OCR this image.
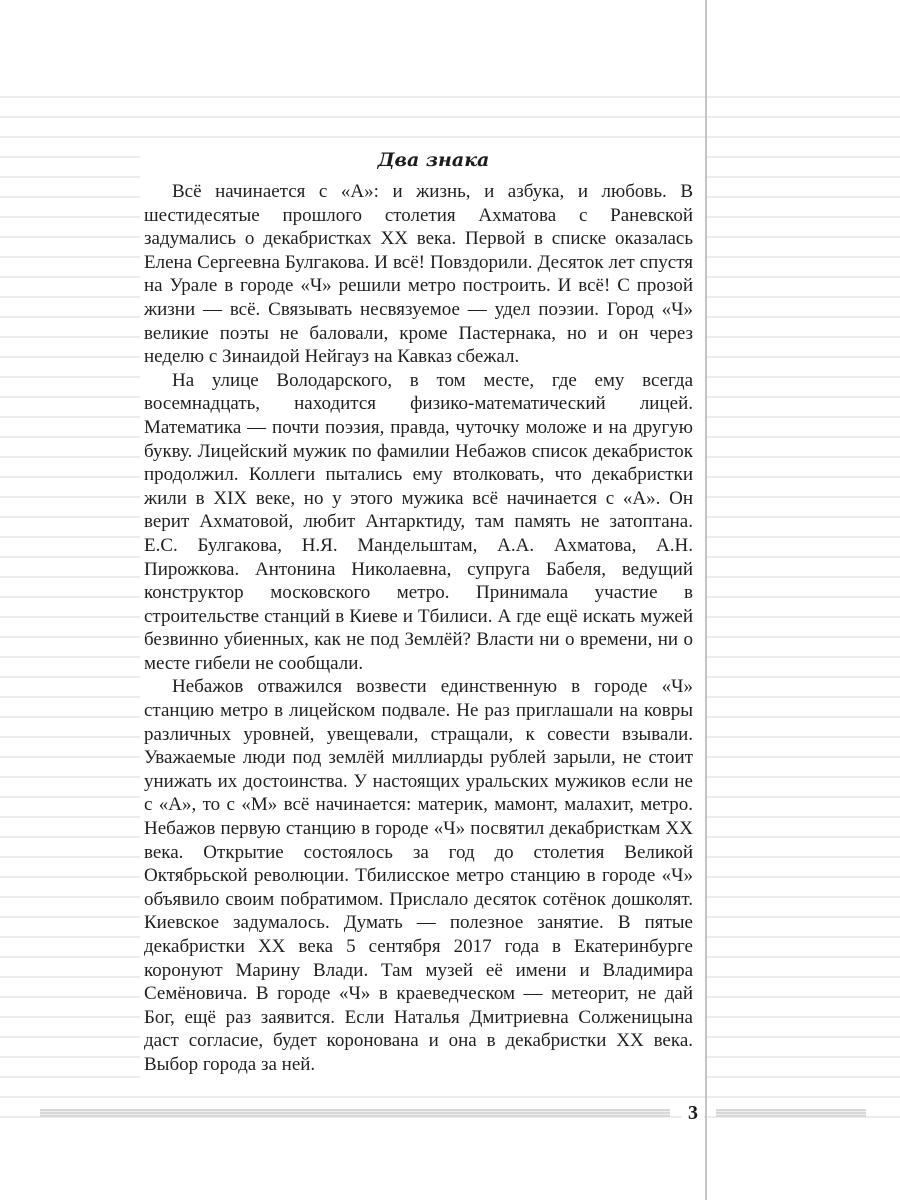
Два знака

Всё начинается с «А»: и жизнь, и азбука, и любовь. В шестидесятые прошлого столетия Ахматова с Раневской задумались о декабристках XX века. Первой в списке оказалась Елена Сергеевна Булгакова. И всё! Повздорили. Десяток лет спустя на Урале в городе «Ч» решили метро построить. И всё! С прозой жизни — всё. Связывать несвязуемое — удел поэзии. Город «Ч» великие поэты не баловали, кроме Пастернака, но и он через неделю с Зинаидой Нейгауз на Кавказ сбежал.

На улице Володарского, в том месте, где ему всегда восемнадцать, находится физико-математический лицей. Математика — почти поэзия, правда, чуточку моложе и на другую букву. Лицейский мужик по фамилии Небажов список декабристок продолжил. Коллеги пытались ему втолковать, что декабристки жили в XIX веке, но у этого мужика всё начинается с «А». Он верит Ахматовой, любит Антарктиду, там память не затоптана. Е.С. Булгакова, Н.Я. Мандельштам, А.А. Ахматова, А.Н. Пирожкова. Антонина Николаевна, супруга Бабеля, ведущий конструктор московского метро. Принимала участие в строительстве станций в Киеве и Тбилиси. А где ещё искать мужей безвинно убиенных, как не под Землёй? Власти ни о времени, ни о месте гибели не сообщали.

Небажов отважился возвести единственную в городе «Ч» станцию метро в лицейском подвале. Не раз приглашали на ковры различных уровней, увещевали, стращали, к совести взывали. Уважаемые люди под землёй миллиарды рублей зарыли, не стоит унижать их достоинства. У настоящих уральских мужиков если не с «А», то с «М» всё начинается: материк, мамонт, малахит, метро. Небажов первую станцию в городе «Ч» посвятил декабристкам XX века. Открытие состоялось за год до столетия Великой Октябрьской революции. Тбилисское метро станцию в городе «Ч» объявило своим побратимом. Прислало десяток сотёнок дошколят. Киевское задумалось. Думать — полезное занятие. В пятые декабристки XX века 5 сентября 2017 года в Екатеринбурге коронуют Марину Влади. Там музей её имени и Владимира Семёновича. В городе «Ч» в краеведческом — метеорит, не дай Бог, ещё раз заявится. Если Наталья Дмитриевна Солженицына даст согласие, будет коронована и она в декабристки XX века. Выбор города за ней.

3
